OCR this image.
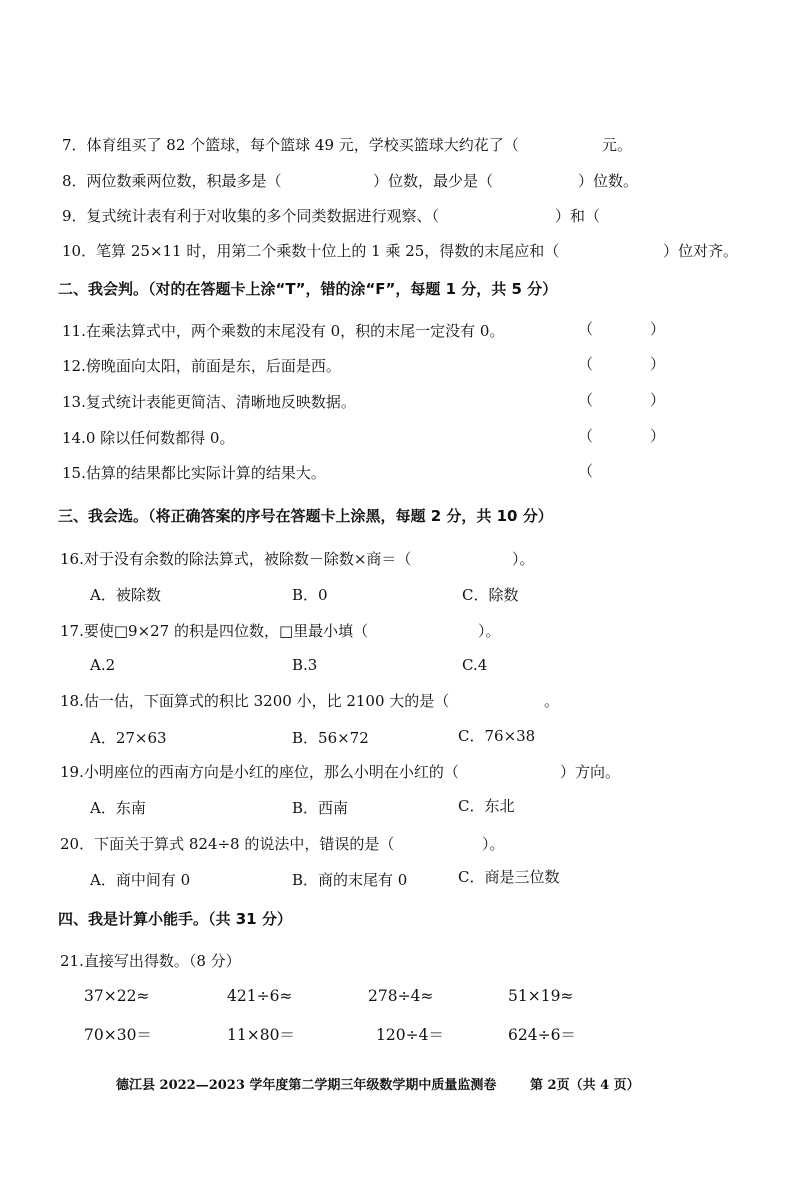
7．体育组买了 82 个篮球，每个篮球 49 元，学校买篮球大约花了（	元。
8．两位数乘两位数，积最多是（	）位数，最少是（	）位数。
9．复式统计表有利于对收集的多个同类数据进行观察、（	）和（
10．笔算 25×11 时，用第二个乘数十位上的 1 乘 25，得数的末尾应和（	）位对齐。
二、我会判。（对的在答题卡上涂“T”，错的涂“F”，每题 1 分，共 5 分）
11.在乘法算式中，两个乘数的末尾没有 0，积的末尾一定没有 0。	（	）
12.傍晚面向太阳，前面是东，后面是西。	（	）
13.复式统计表能更简洁、清晰地反映数据。	（	）
14.0 除以任何数都得 0。	（	）
15.估算的结果都比实际计算的结果大。	（
三、我会选。（将正确答案的序号在答题卡上涂黑，每题 2 分，共 10 分）
16.对于没有余数的除法算式，被除数－除数×商＝（	）。
A．被除数	B．0	C．除数
17.要使□9×27 的积是四位数，□里最小填（	）。
A.2	B.3	C.4
18.估一估，下面算式的积比 3200 小，比 2100 大的是（	。
A．27×63	B．56×72	C．76×38
19.小明座位的西南方向是小红的座位，那么小明在小红的（	）方向。
A．东南	B．西南	C．东北
20．下面关于算式 824÷8 的说法中，错误的是（	）。
A．商中间有 0	B．商的末尾有 0	C．商是三位数
四、我是计算小能手。（共 31 分）
21.直接写出得数。（8 分）
37×22≈	421÷6≈	278÷4≈	51×19≈
70×30＝	11×80＝	120÷4＝	624÷6＝
德江县 2022—2023 学年度第二学期三年级数学期中质量监测卷	第 2页（共 4 页）
